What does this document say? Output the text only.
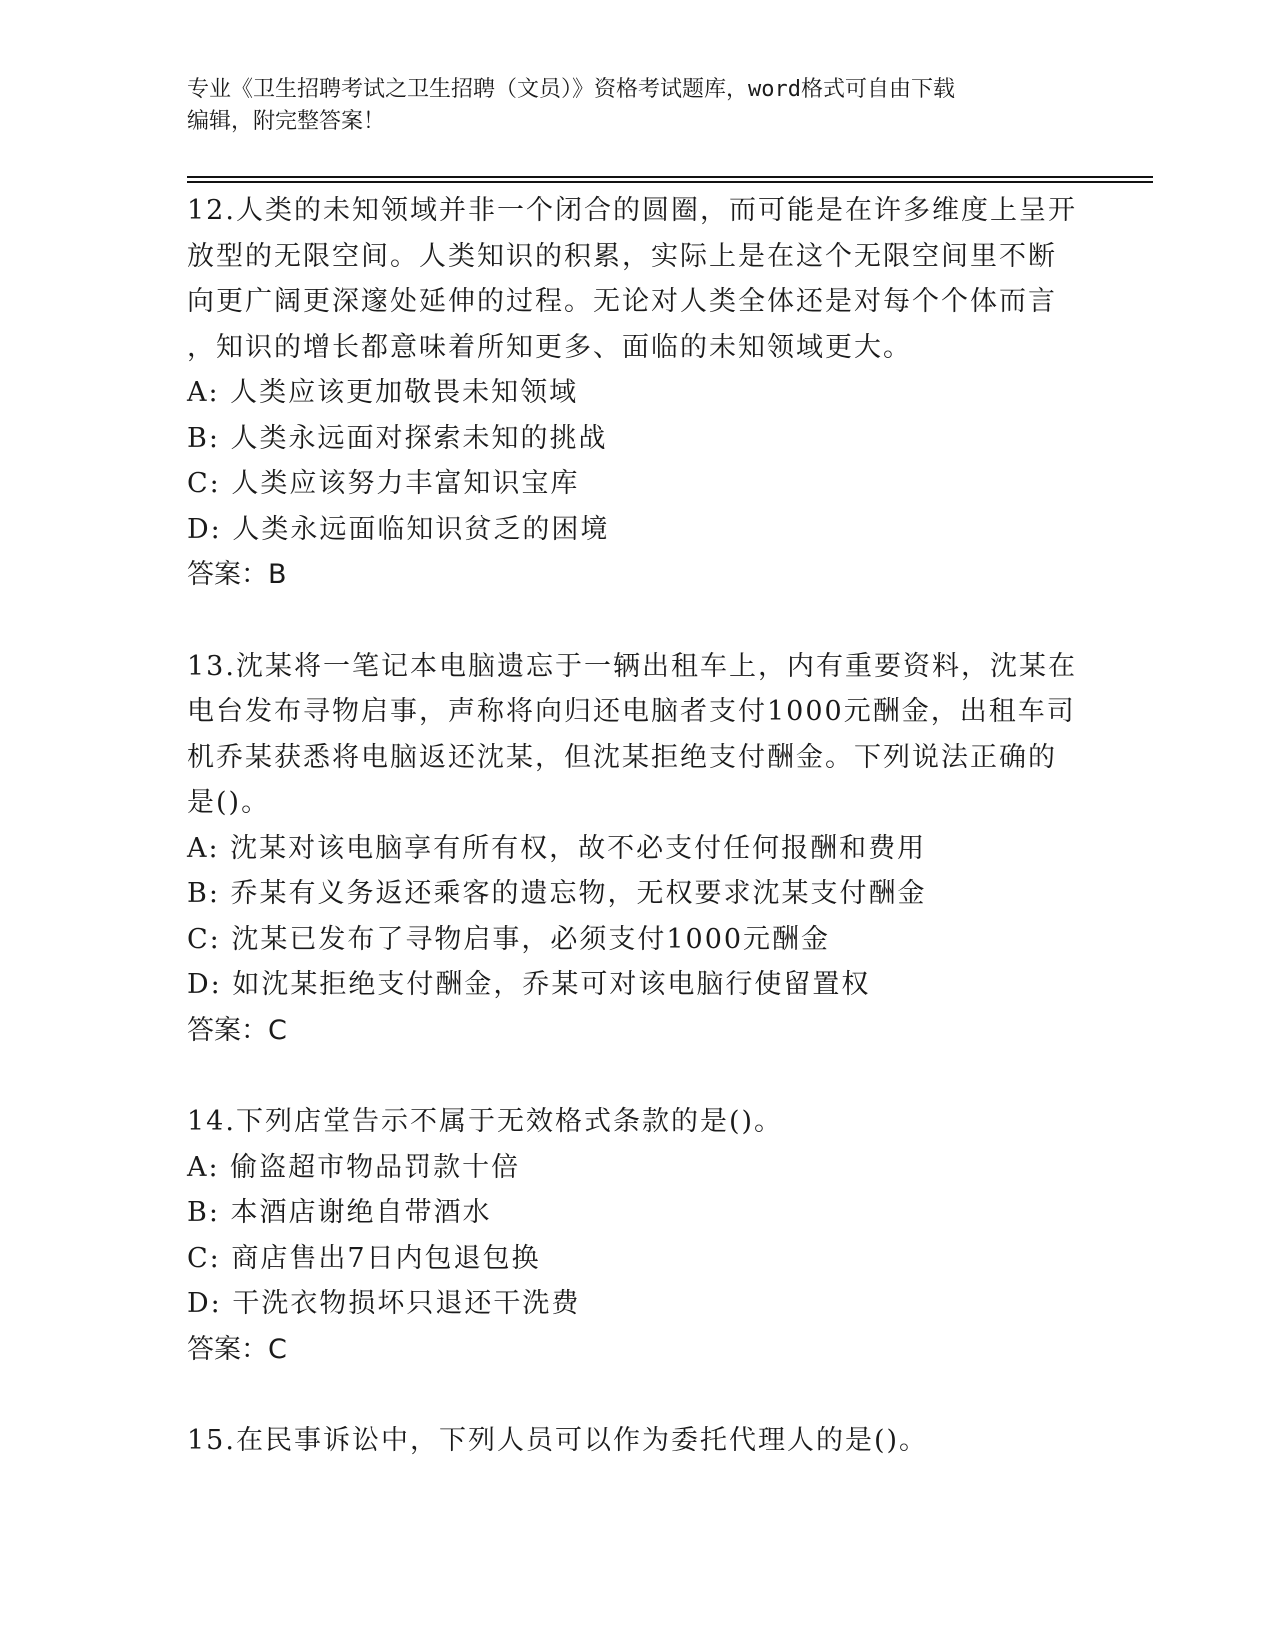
专业《卫生招聘考试之卫生招聘（文员）》资格考试题库，word格式可自由下载
编辑，附完整答案！
12.人类的未知领域并非一个闭合的圆圈，而可能是在许多维度上呈开
放型的无限空间。人类知识的积累，实际上是在这个无限空间里不断
向更广阔更深邃处延伸的过程。无论对人类全体还是对每个个体而言
，知识的增长都意味着所知更多、面临的未知领域更大。
A: 人类应该更加敬畏未知领域
B: 人类永远面对探索未知的挑战
C: 人类应该努力丰富知识宝库
D: 人类永远面临知识贫乏的困境
答案：B
13.沈某将一笔记本电脑遗忘于一辆出租车上，内有重要资料，沈某在
电台发布寻物启事，声称将向归还电脑者支付1000元酬金，出租车司
机乔某获悉将电脑返还沈某，但沈某拒绝支付酬金。下列说法正确的
是()。
A: 沈某对该电脑享有所有权，故不必支付任何报酬和费用
B: 乔某有义务返还乘客的遗忘物，无权要求沈某支付酬金
C: 沈某已发布了寻物启事，必须支付1000元酬金
D: 如沈某拒绝支付酬金，乔某可对该电脑行使留置权
答案：C
14.下列店堂告示不属于无效格式条款的是()。
A: 偷盗超市物品罚款十倍
B: 本酒店谢绝自带酒水
C: 商店售出7日内包退包换
D: 干洗衣物损坏只退还干洗费
答案：C
15.在民事诉讼中，下列人员可以作为委托代理人的是()。
